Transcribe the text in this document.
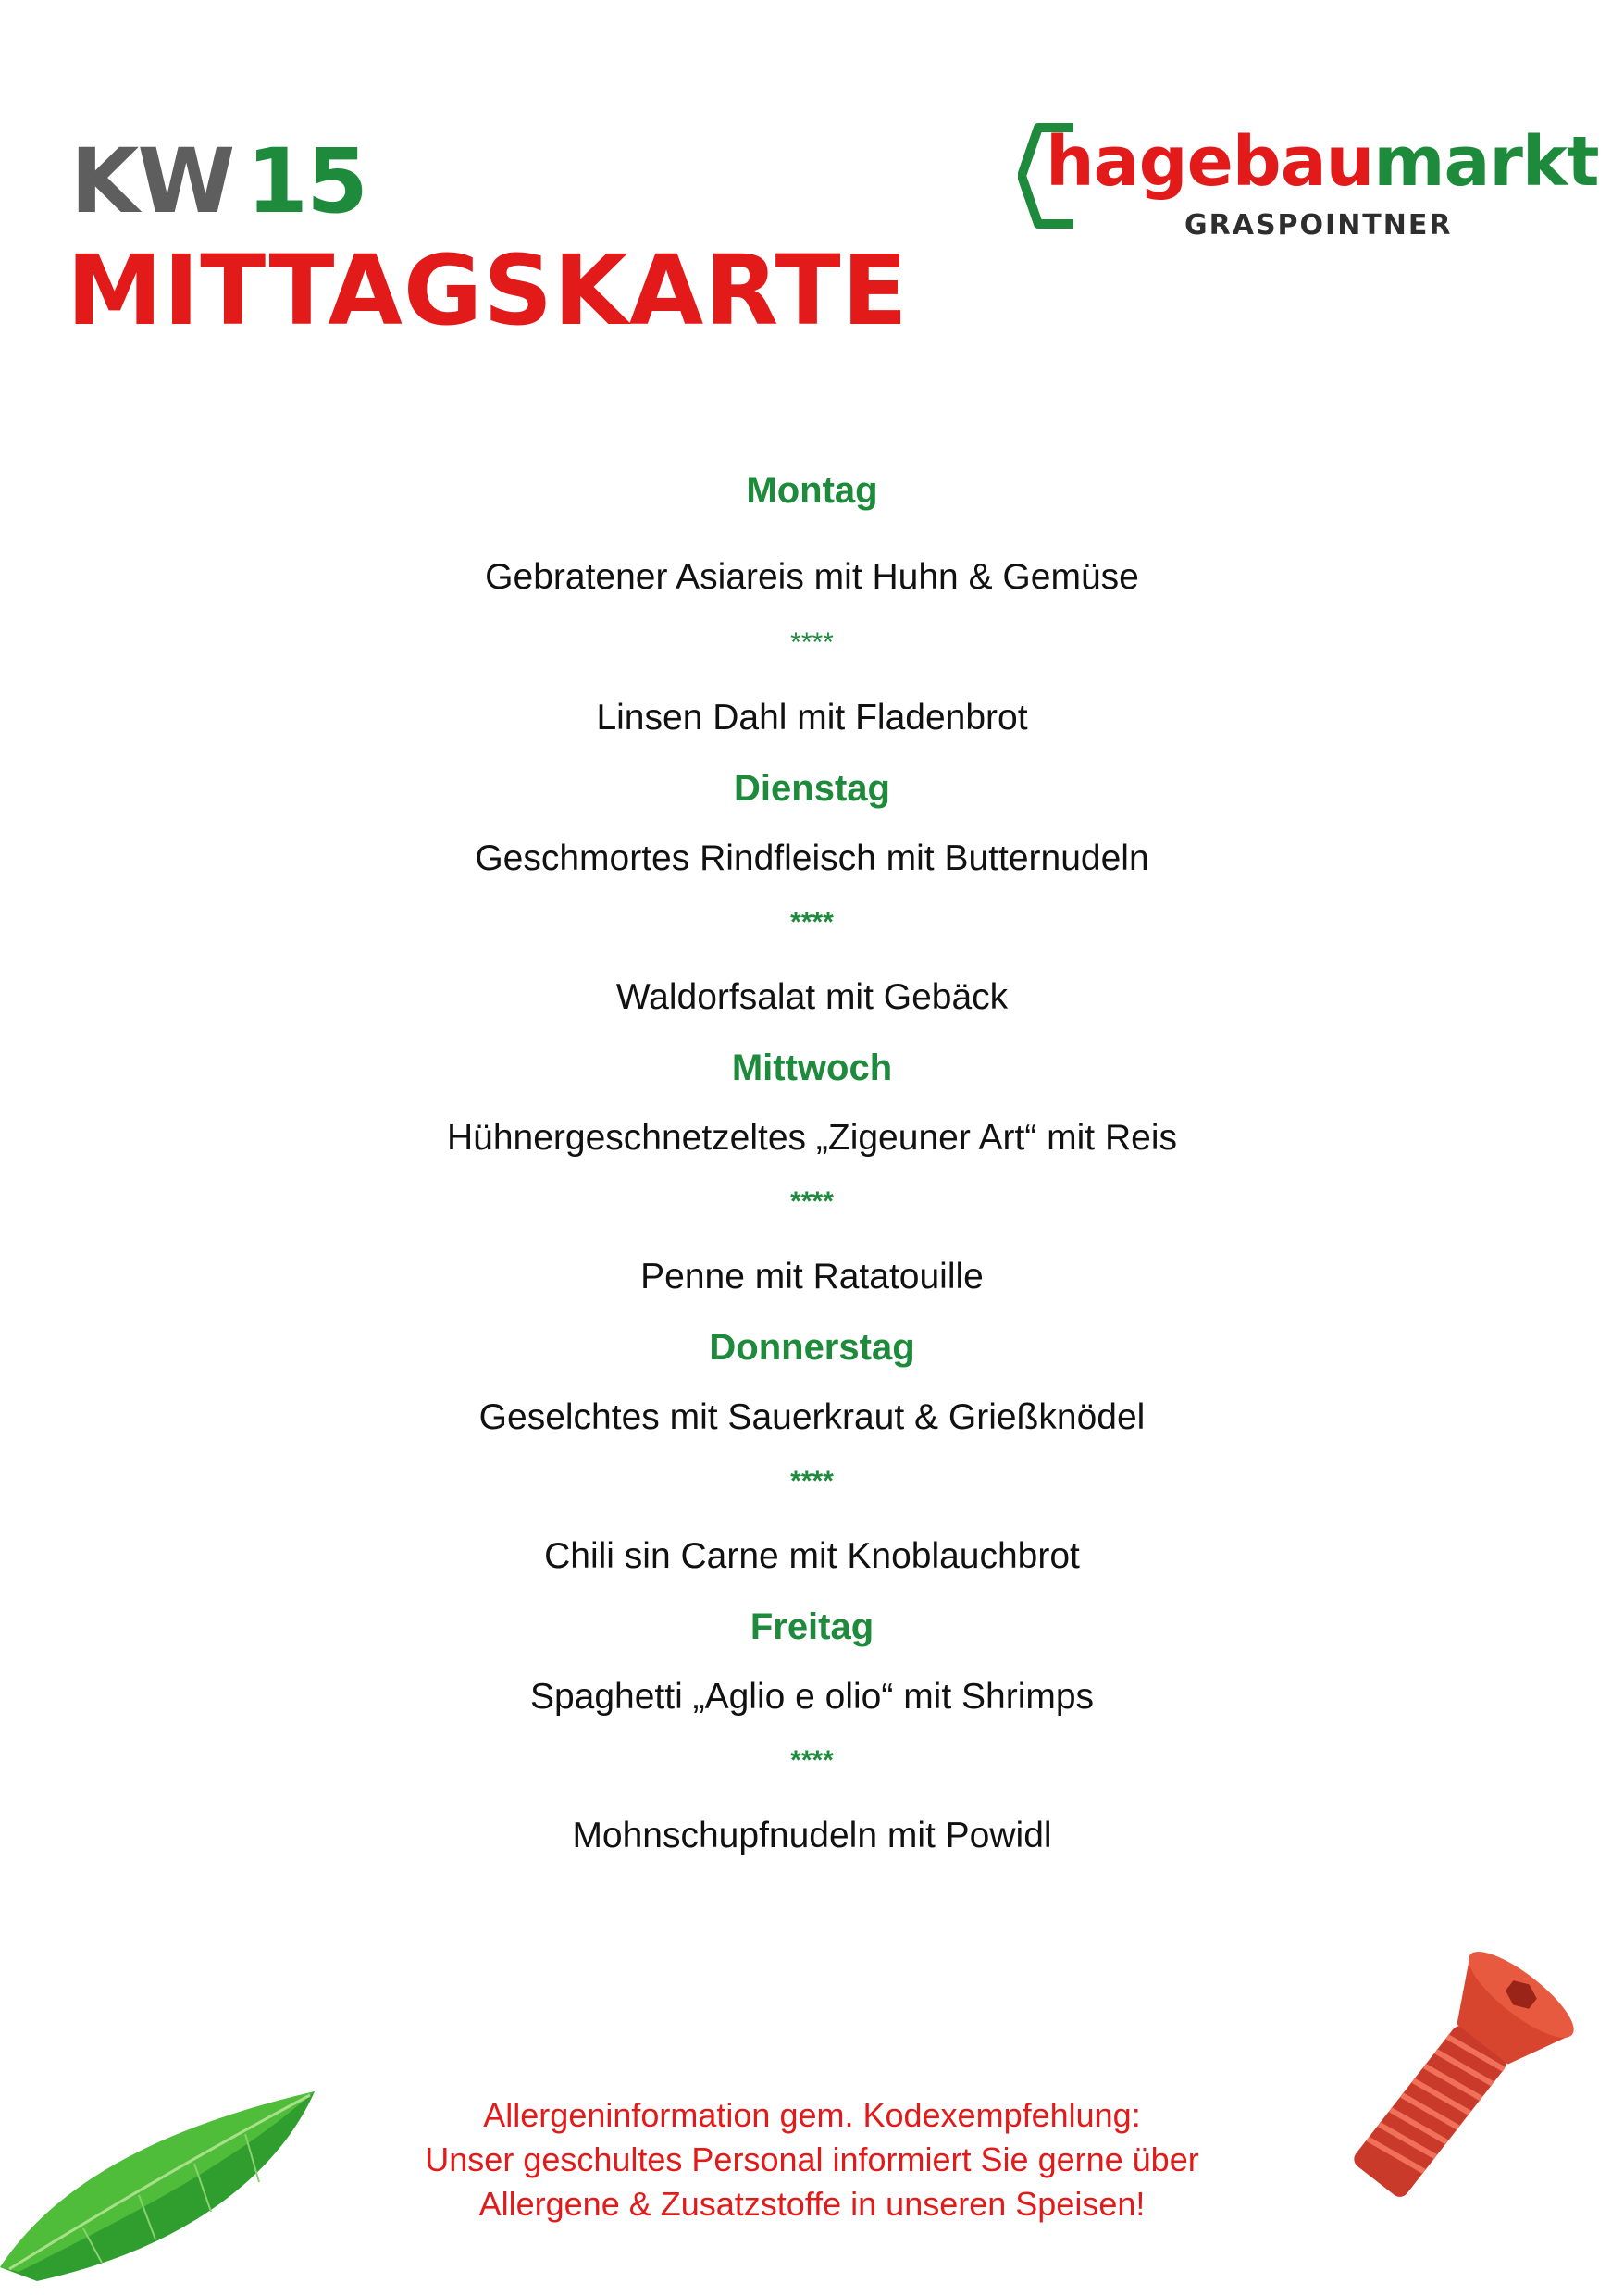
KW 15
MITTAGSKARTE
hagebaumarkt
GRASPOINTNER
Montag
Gebratener Asiareis mit Huhn & Gemüse
****
Linsen Dahl mit Fladenbrot
Dienstag
Geschmortes Rindfleisch mit Butternudeln
****
Waldorfsalat mit Gebäck
Mittwoch
Hühnergeschnetzeltes „Zigeuner Art“ mit Reis
****
Penne mit Ratatouille
Donnerstag
Geselchtes mit Sauerkraut & Grießknödel
****
Chili sin Carne mit Knoblauchbrot
Freitag
Spaghetti „Aglio e olio“ mit Shrimps
****
Mohnschupfnudeln mit Powidl
Allergeninformation gem. Kodexempfehlung:
Unser geschultes Personal informiert Sie gerne über
Allergene & Zusatzstoffe in unseren Speisen!
